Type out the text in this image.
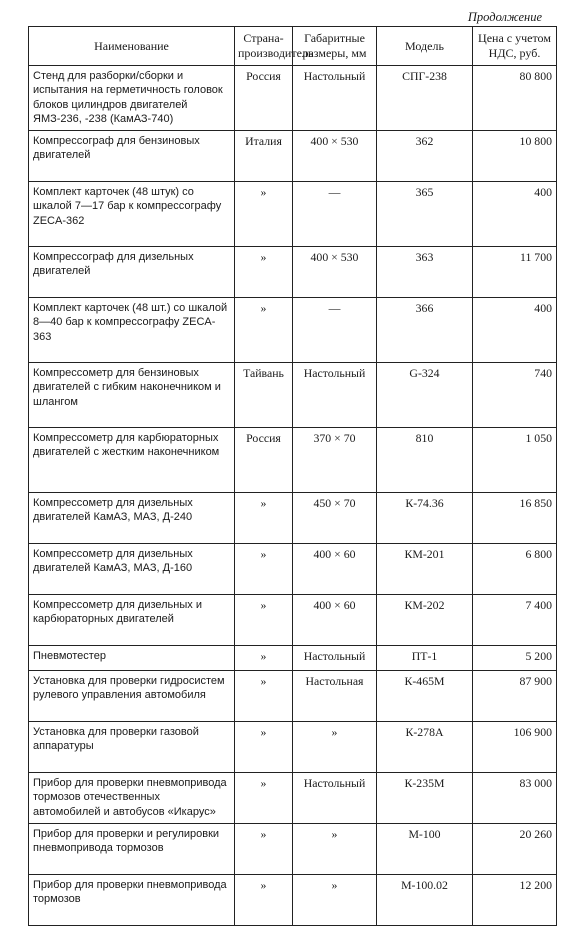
Продолжение
Наименование	Страна-производитель	Габаритные размеры, мм	Модель	Цена с учетом НДС, руб.
Стенд для разборки/сборки и испытания на герметичность головок блоков цилиндров двигателей ЯМЗ-236, -238 (КамАЗ-740)	Россия	Настольный	СПГ-238	80 800
Компрессограф для бензиновых двигателей	Италия	400 × 530	362	10 800
Комплект карточек (48 штук) со шкалой 7—17 бар к компрессографу ZECA-362	»	—	365	400
Компрессограф для дизельных двигателей	»	400 × 530	363	11 700
Комплект карточек (48 шт.) со шкалой 8—40 бар к компрессографу ZECA-363	»	—	366	400
Компрессометр для бензиновых двигателей с гибким наконечником и шлангом	Тайвань	Настольный	G-324	740
Компрессометр для карбюраторных двигателей с жестким наконечником	Россия	370 × 70	810	1 050
Компрессометр для дизельных двигателей КамАЗ, МАЗ, Д-240	»	450 × 70	К-74.36	16 850
Компрессометр для дизельных двигателей КамАЗ, МАЗ, Д-160	»	400 × 60	КМ-201	6 800
Компрессометр для дизельных и карбюраторных двигателей	»	400 × 60	КМ-202	7 400
Пневмотестер	»	Настольный	ПТ-1	5 200
Установка для проверки гидросистем рулевого управления автомобиля	»	Настольная	К-465М	87 900
Установка для проверки газовой аппаратуры	»	»	К-278А	106 900
Прибор для проверки пневмопривода тормозов отечественных автомобилей и автобусов «Икарус»	»	Настольный	К-235М	83 000
Прибор для проверки и регулировки пневмопривода тормозов	»	»	М-100	20 260
Прибор для проверки пневмопривода тормозов	»	»	М-100.02	12 200
